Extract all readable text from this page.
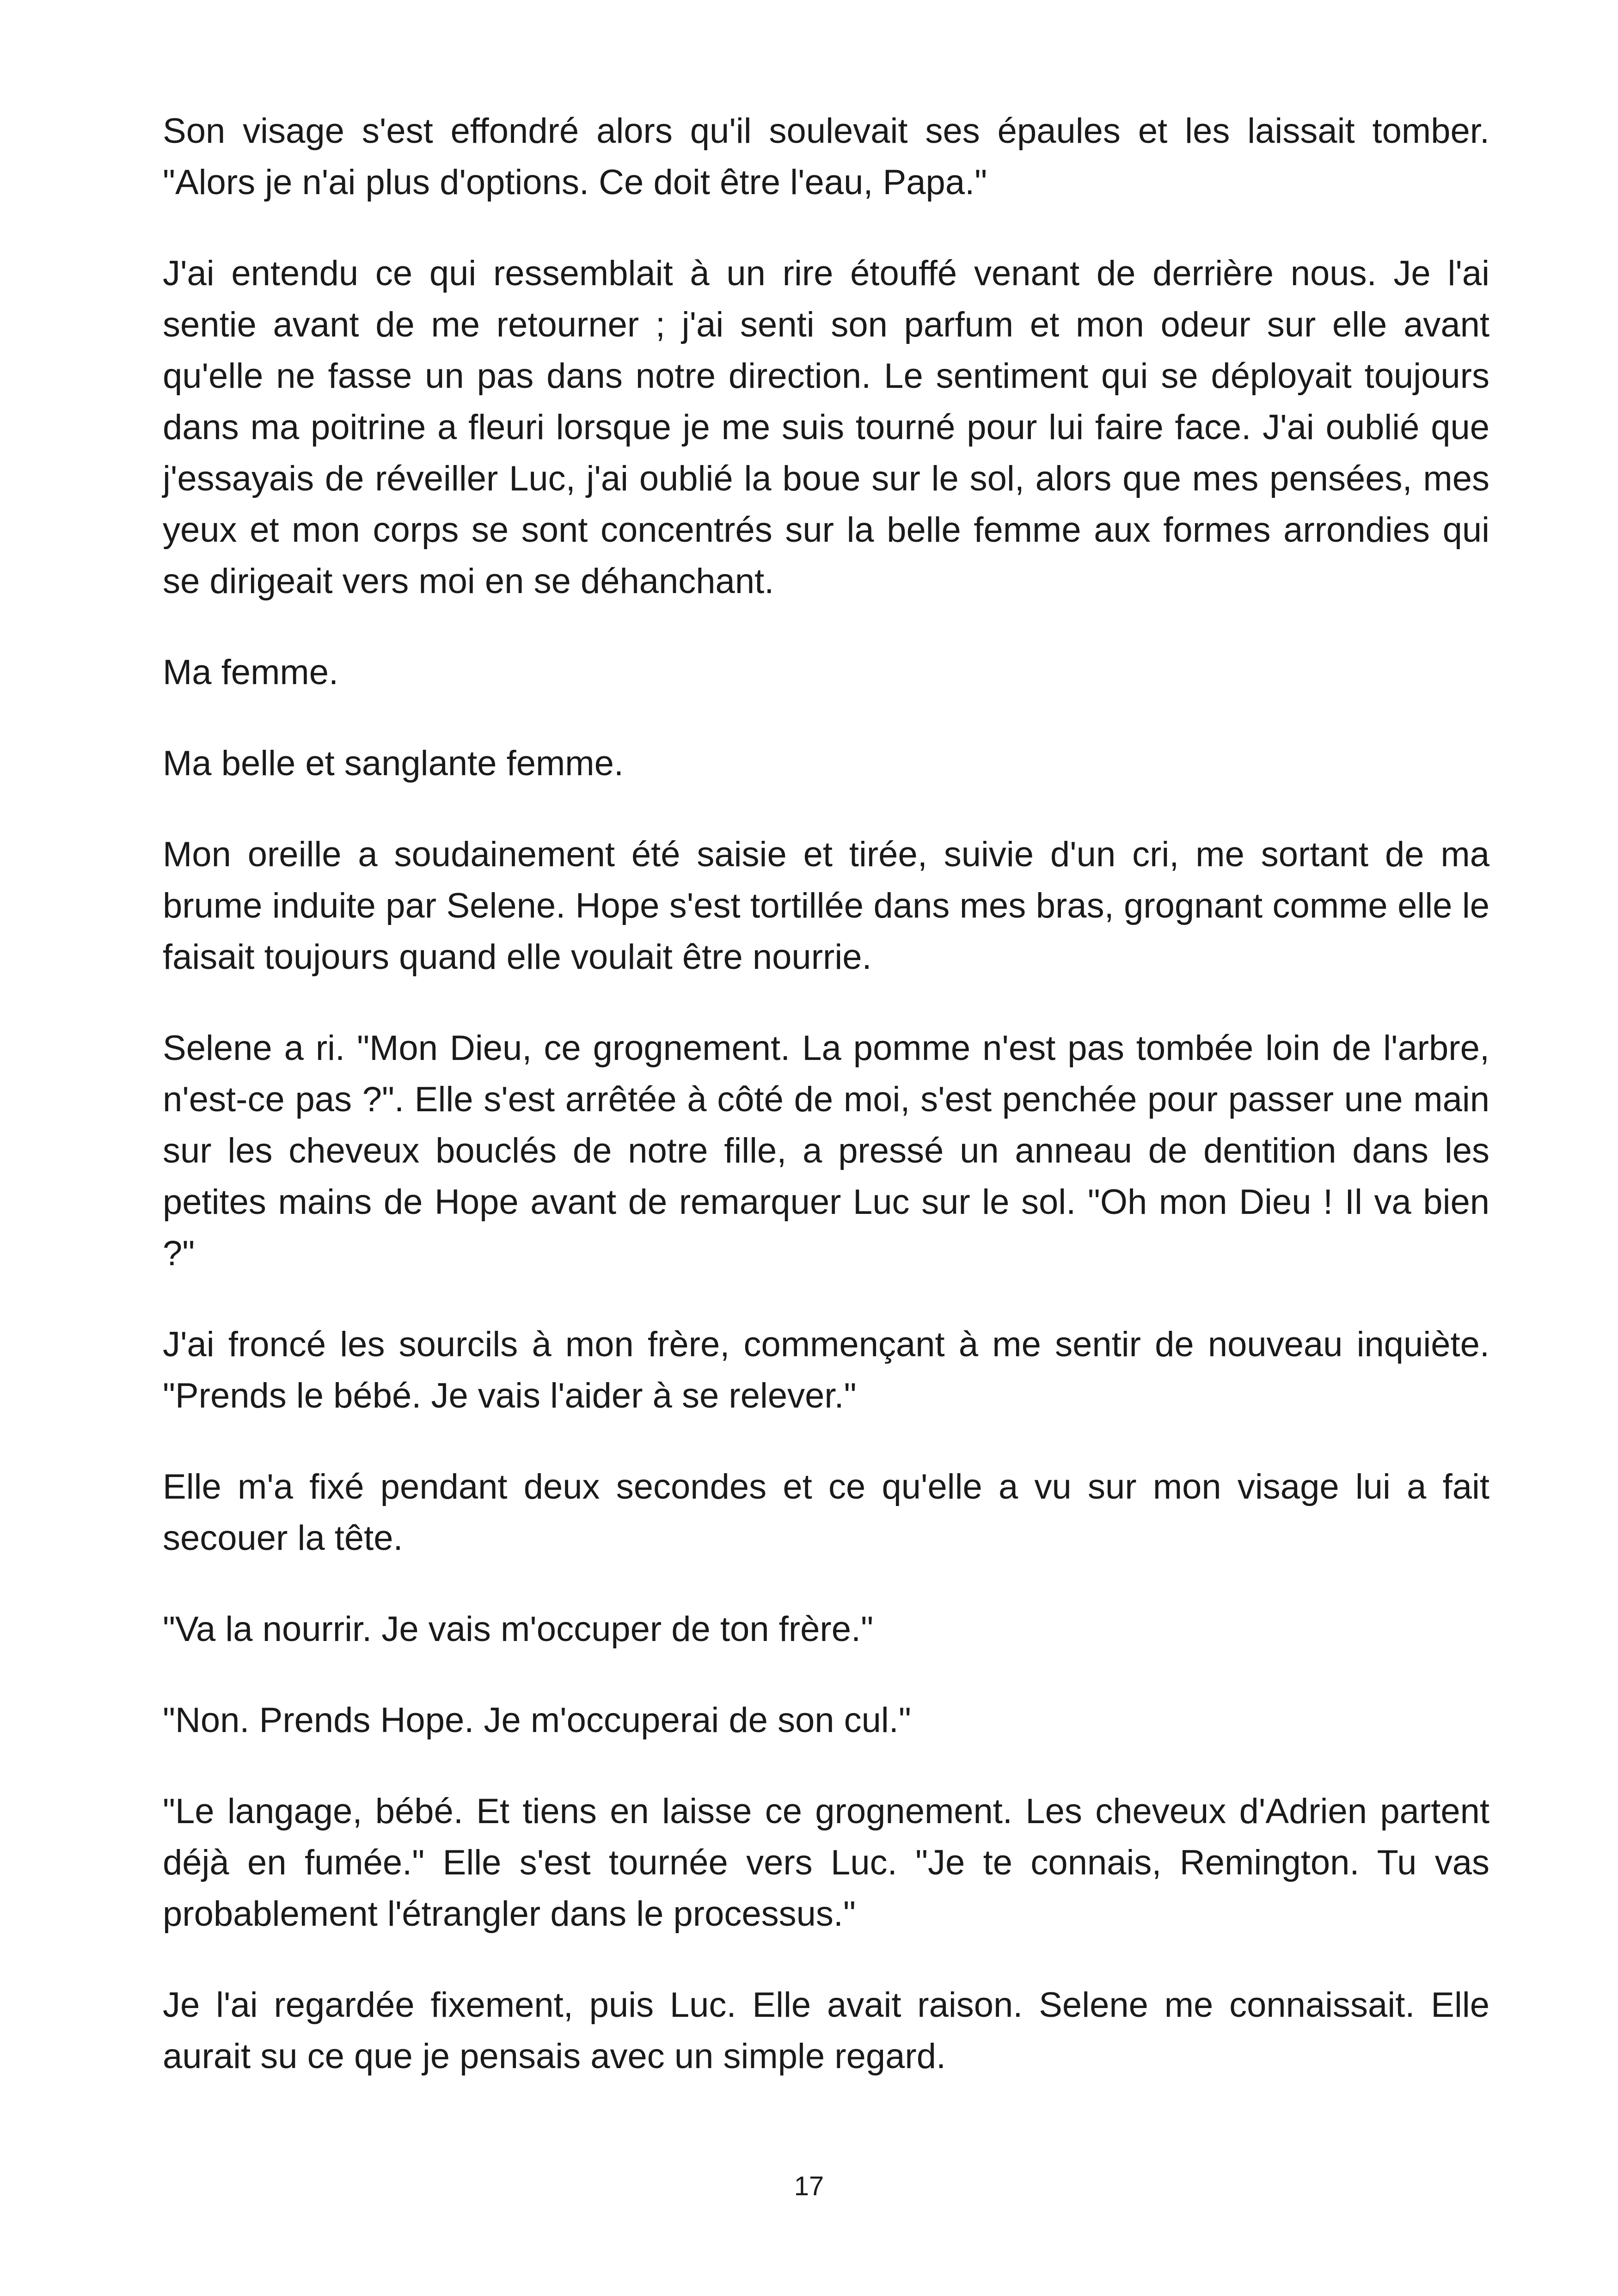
Son visage s'est effondré alors qu'il soulevait ses épaules et les laissait tomber. "Alors je n'ai plus d'options. Ce doit être l'eau, Papa."

J'ai entendu ce qui ressemblait à un rire étouffé venant de derrière nous. Je l'ai sentie avant de me retourner ; j'ai senti son parfum et mon odeur sur elle avant qu'elle ne fasse un pas dans notre direction. Le sentiment qui se déployait toujours dans ma poitrine a fleuri lorsque je me suis tourné pour lui faire face. J'ai oublié que j'essayais de réveiller Luc, j'ai oublié la boue sur le sol, alors que mes pensées, mes yeux et mon corps se sont concentrés sur la belle femme aux formes arrondies qui se dirigeait vers moi en se déhanchant.

Ma femme.

Ma belle et sanglante femme.

Mon oreille a soudainement été saisie et tirée, suivie d'un cri, me sortant de ma brume induite par Selene. Hope s'est tortillée dans mes bras, grognant comme elle le faisait toujours quand elle voulait être nourrie.

Selene a ri. "Mon Dieu, ce grognement. La pomme n'est pas tombée loin de l'arbre, n'est-ce pas ?". Elle s'est arrêtée à côté de moi, s'est penchée pour passer une main sur les cheveux bouclés de notre fille, a pressé un anneau de dentition dans les petites mains de Hope avant de remarquer Luc sur le sol. "Oh mon Dieu ! Il va bien ?"

J'ai froncé les sourcils à mon frère, commençant à me sentir de nouveau inquiète. "Prends le bébé. Je vais l'aider à se relever."

Elle m'a fixé pendant deux secondes et ce qu'elle a vu sur mon visage lui a fait secouer la tête.

"Va la nourrir. Je vais m'occuper de ton frère."

"Non. Prends Hope. Je m'occuperai de son cul."

"Le langage, bébé. Et tiens en laisse ce grognement. Les cheveux d'Adrien partent déjà en fumée." Elle s'est tournée vers Luc. "Je te connais, Remington. Tu vas probablement l'étrangler dans le processus."

Je l'ai regardée fixement, puis Luc. Elle avait raison. Selene me connaissait. Elle aurait su ce que je pensais avec un simple regard.

17
